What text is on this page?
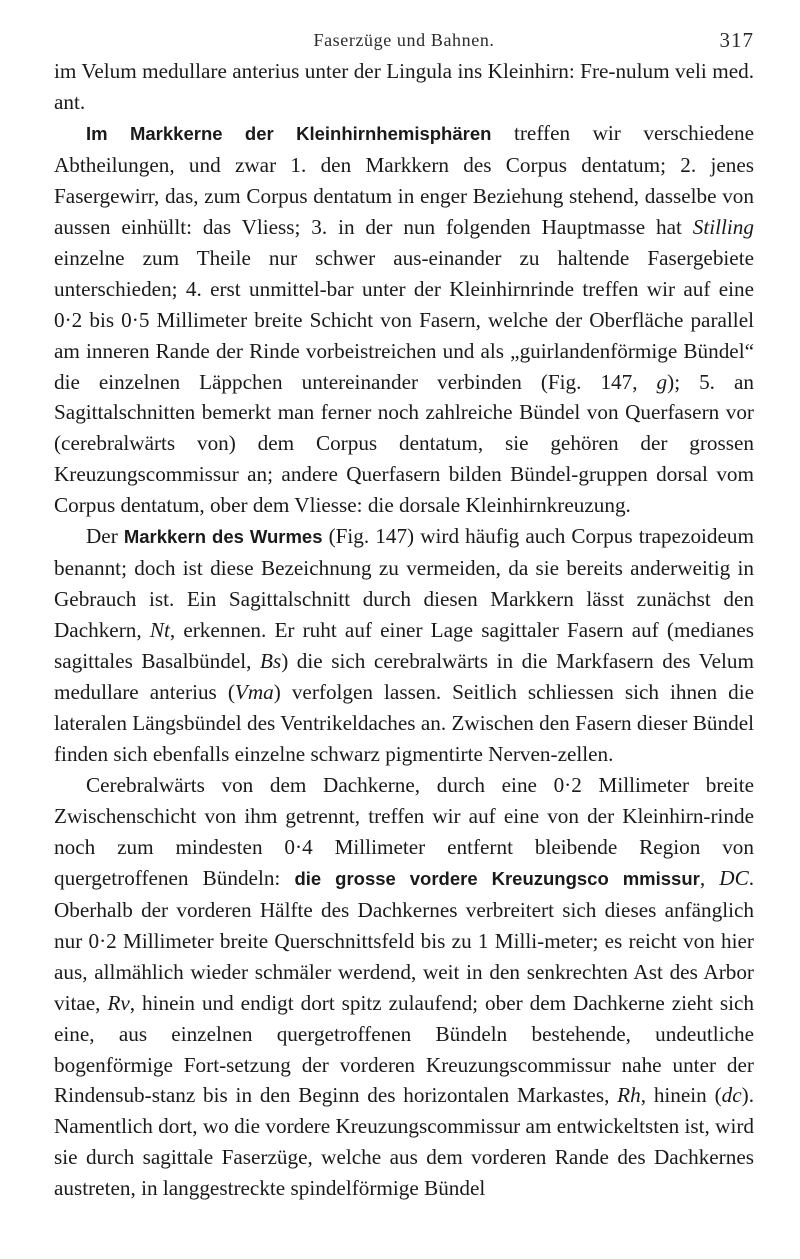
Faserzüge und Bahnen.	317

im Velum medullare anterius unter der Lingula ins Kleinhirn: Fre-nulum veli med. ant.

Im Markkerne der Kleinhirnhemisphären treffen wir verschiedene Abtheilungen, und zwar 1. den Markkern des Corpus dentatum; 2. jenes Fasergewirr, das, zum Corpus dentatum in enger Beziehung stehend, dasselbe von aussen einhüllt: das Vliess; 3. in der nun folgenden Hauptmasse hat Stilling einzelne zum Theile nur schwer aus-einander zu haltende Fasergebiete unterschieden; 4. erst unmittel-bar unter der Kleinhirnrinde treffen wir auf eine 0·2 bis 0·5 Millimeter breite Schicht von Fasern, welche der Oberfläche parallel am inneren Rande der Rinde vorbeistreichen und als „guirlandenförmige Bündel“ die einzelnen Läppchen untereinander verbinden (Fig. 147, g); 5. an Sagittalschnitten bemerkt man ferner noch zahlreiche Bündel von Querfasern vor (cerebralwärts von) dem Corpus dentatum, sie gehören der grossen Kreuzungscommissur an; andere Querfasern bilden Bündel-gruppen dorsal vom Corpus dentatum, ober dem Vliesse: die dorsale Kleinhirnkreuzung.

Der Markkern des Wurmes (Fig. 147) wird häufig auch Corpus trapezoideum benannt; doch ist diese Bezeichnung zu vermeiden, da sie bereits anderweitig in Gebrauch ist. Ein Sagittalschnitt durch diesen Markkern lässt zunächst den Dachkern, Nt, erkennen. Er ruht auf einer Lage sagittaler Fasern auf (medianes sagittales Basalbündel, Bs) die sich cerebralwärts in die Markfasern des Velum medullare anterius (Vma) verfolgen lassen. Seitlich schliessen sich ihnen die lateralen Längsbündel des Ventrikeldaches an. Zwischen den Fasern dieser Bündel finden sich ebenfalls einzelne schwarz pigmentirte Nerven-zellen.

Cerebralwärts von dem Dachkerne, durch eine 0·2 Millimeter breite Zwischenschicht von ihm getrennt, treffen wir auf eine von der Kleinhirn-rinde noch zum mindesten 0·4 Millimeter entfernt bleibende Region von quergetroffenen Bündeln: die grosse vordere Kreuzungsco mmissur, DC. Oberhalb der vorderen Hälfte des Dachkernes verbreitert sich dieses anfänglich nur 0·2 Millimeter breite Querschnittsfeld bis zu 1 Milli-meter; es reicht von hier aus, allmählich wieder schmäler werdend, weit in den senkrechten Ast des Arbor vitae, Rv, hinein und endigt dort spitz zulaufend; ober dem Dachkerne zieht sich eine, aus einzelnen quergetroffenen Bündeln bestehende, undeutliche bogenförmige Fort-setzung der vorderen Kreuzungscommissur nahe unter der Rindensub-stanz bis in den Beginn des horizontalen Markastes, Rh, hinein (dc). Namentlich dort, wo die vordere Kreuzungscommissur am entwickeltsten ist, wird sie durch sagittale Faserzüge, welche aus dem vorderen Rande des Dachkernes austreten, in langgestreckte spindelförmige Bündel
